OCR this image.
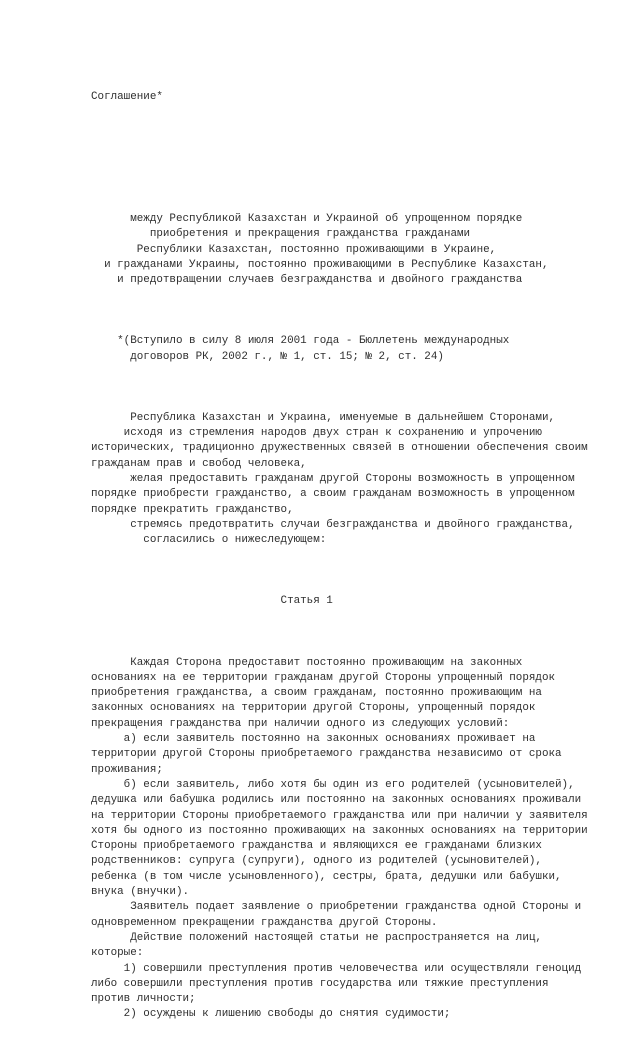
Соглашение*

между Республикой Казахстан и Украиной об упрощенном порядке
приобретения и прекращения гражданства гражданами
Республики Казахстан, постоянно проживающими в Украине,
и гражданами Украины, постоянно проживающими в Республике Казахстан,
и предотвращении случаев безгражданства и двойного гражданства

*(Вступило в силу 8 июля 2001 года - Бюллетень международных
договоров РК, 2002 г., № 1, ст. 15; № 2, ст. 24)

Республика Казахстан и Украина, именуемые в дальнейшем Сторонами,
исходя из стремления народов двух стран к сохранению и упрочению
исторических, традиционно дружественных связей в отношении обеспечения своим
гражданам прав и свобод человека,
желая предоставить гражданам другой Стороны возможность в упрощенном
порядке приобрести гражданство, а своим гражданам возможность в упрощенном
порядке прекратить гражданство,
стремясь предотвратить случаи безгражданства и двойного гражданства,
согласились о нижеследующем:

Статья 1

Каждая Сторона предоставит постоянно проживающим на законных
основаниях на ее территории гражданам другой Стороны упрощенный порядок
приобретения гражданства, а своим гражданам, постоянно проживающим на
законных основаниях на территории другой Стороны, упрощенный порядок
прекращения гражданства при наличии одного из следующих условий:
а) если заявитель постоянно на законных основаниях проживает на
территории другой Стороны приобретаемого гражданства независимо от срока
проживания;
б) если заявитель, либо хотя бы один из его родителей (усыновителей),
дедушка или бабушка родились или постоянно на законных основаниях проживали
на территории Стороны приобретаемого гражданства или при наличии у заявителя
хотя бы одного из постоянно проживающих на законных основаниях на территории
Стороны приобретаемого гражданства и являющихся ее гражданами близких
родственников: супруга (супруги), одного из родителей (усыновителей),
ребенка (в том числе усыновленного), сестры, брата, дедушки или бабушки,
внука (внучки).
Заявитель подает заявление о приобретении гражданства одной Стороны и
одновременном прекращении гражданства другой Стороны.
Действие положений настоящей статьи не распространяется на лиц,
которые:
1) совершили преступления против человечества или осуществляли геноцид
либо совершили преступления против государства или тяжкие преступления
против личности;
2) осуждены к лишению свободы до снятия судимости;
